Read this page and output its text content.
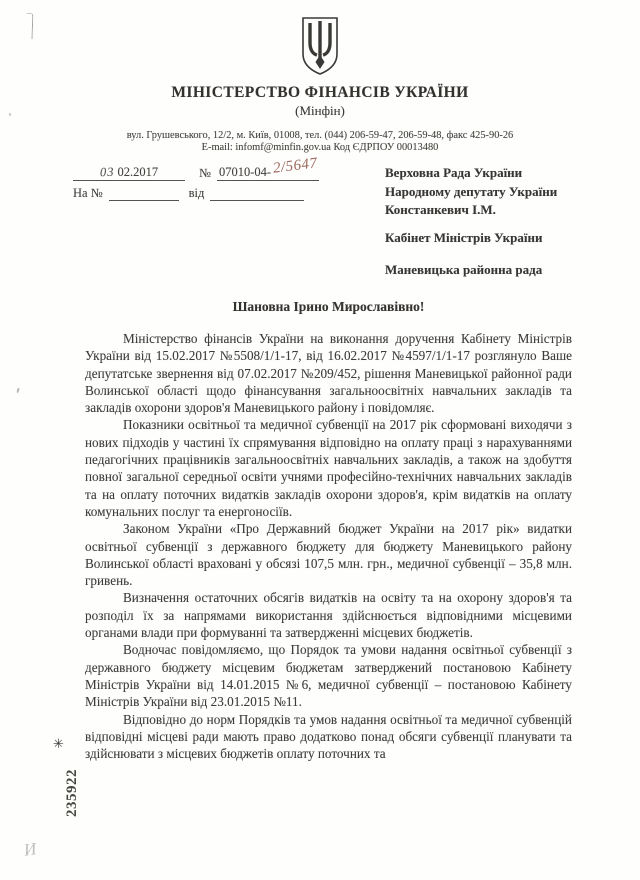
МІНІСТЕРСТВО ФІНАНСІВ УКРАЇНИ
(Мінфін)
вул. Грушевського, 12/2, м. Київ, 01008, тел. (044) 206-59-47, 206-59-48, факс 425-90-26
E-mail: infomf@minfin.gov.ua Код ЄДРПОУ 00013480
03 02.2017	№ 07010-04- 2/5647
На №	від
Верховна Рада України
Народному депутату України
Констанкевич І.М.
Кабінет Міністрів України
Маневицька районна рада
Шановна Ірино Мирославівно!

Міністерство фінансів України на виконання доручення Кабінету Міністрів України від 15.02.2017 №5508/1/1-17, від 16.02.2017 №4597/1/1-17 розглянуло Ваше депутатське звернення від 07.02.2017 №209/452, рішення Маневицької районної ради Волинської області щодо фінансування загальноосвітніх навчальних закладів та закладів охорони здоров'я Маневицького району і повідомляє.

Показники освітньої та медичної субвенції на 2017 рік сформовані виходячи з нових підходів у частині їх спрямування відповідно на оплату праці з нарахуваннями педагогічних працівників загальноосвітніх навчальних закладів, а також на здобуття повної загальної середньої освіти учнями професійно-технічних навчальних закладів та на оплату поточних видатків закладів охорони здоров'я, крім видатків на оплату комунальних послуг та енергоносіїв.

Законом України «Про Державний бюджет України на 2017 рік» видатки освітньої субвенції з державного бюджету для бюджету Маневицького району Волинської області враховані у обсязі 107,5 млн. грн., медичної субвенції – 35,8 млн. гривень.

Визначення остаточних обсягів видатків на освіту та на охорону здоров'я та розподіл їх за напрямами використання здійснюється відповідними місцевими органами влади при формуванні та затвердженні місцевих бюджетів.

Водночас повідомляємо, що Порядок та умови надання освітньої субвенції з державного бюджету місцевим бюджетам затверджений постановою Кабінету Міністрів України від 14.01.2015 №6, медичної субвенції – постановою Кабінету Міністрів України від 23.01.2015 №11.

Відповідно до норм Порядків та умов надання освітньої та медичної субвенцій відповідні місцеві ради мають право додатково понад обсяги субвенції планувати та здійснювати з місцевих бюджетів оплату поточних та

✳
235922
И
